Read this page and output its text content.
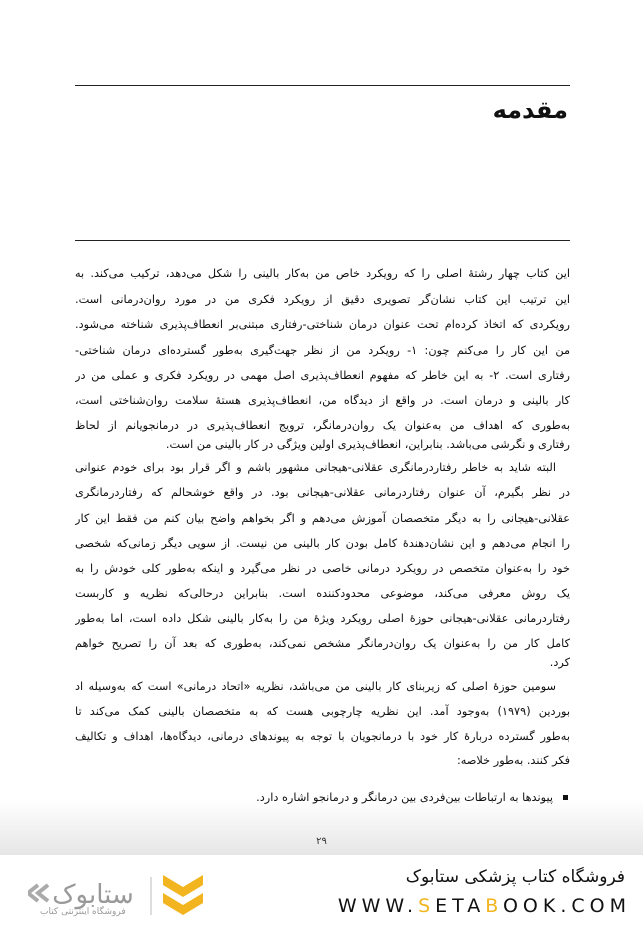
مقدمه
این کتاب چهار رشتهٔ اصلی را که رویکرد خاص من به‌کار بالینی را شکل می‌دهد، ترکیب می‌کند. به
این ترتیب این کتاب نشان‌گر تصویری دقیق از رویکرد فکری من در مورد روان‌درمانی است.
رویکردی که اتخاذ کرده‌ام تحت عنوان درمان شناختی-رفتاری مبتنی‌بر انعطاف‌پذیری شناخته می‌شود.
من این کار را می‌کنم چون: ۱- رویکرد من از نظر جهت‌گیری به‌طور گسترده‌ای درمان شناختی-
رفتاری است. ۲- به این خاطر که مفهوم انعطاف‌پذیری اصل مهمی در رویکرد فکری و عملی من در
کار بالینی و درمان است. در واقع از دیدگاه من، انعطاف‌پذیری هستهٔ سلامت روان‌شناختی است،
به‌طوری که اهداف من به‌عنوان یک روان‌درمانگر، ترویج انعطاف‌پذیری در درمانجویانم از لحاظ
رفتاری و نگرشی می‌باشد. بنابراین، انعطاف‌پذیری اولین ویژگی در کار بالینی من است.
البته شاید به خاطر رفتاردرمانگری عقلانی-هیجانی مشهور باشم و اگر قرار بود برای خودم عنوانی
در نظر بگیرم، آن عنوان رفتاردرمانی عقلانی-هیجانی بود. در واقع خوشحالم که رفتاردرمانگری
عقلانی-هیجانی را به دیگر متخصصان آموزش می‌دهم و اگر بخواهم واضح بیان کنم من فقط این کار
را انجام می‌دهم و این نشان‌دهندهٔ کامل بودن کار بالینی من نیست. از سویی دیگر زمانی‌که شخصی
خود را به‌عنوان متخصص در رویکرد درمانی خاصی در نظر می‌گیرد و اینکه به‌طور کلی خودش را به
یک روش معرفی می‌کند، موضوعی محدودکننده است. بنابراین درحالی‌که نظریه و کاربست
رفتاردرمانی عقلانی-هیجانی حوزهٔ اصلی رویکرد ویژهٔ من را به‌کار بالینی شکل داده است، اما به‌طور
کامل کار من را به‌عنوان یک روان‌درمانگر مشخص نمی‌کند، به‌طوری که بعد آن را تصریح خواهم
کرد.
سومین حوزهٔ اصلی که زیربنای کار بالینی من می‌باشد، نظریه «اتحاد درمانی» است که به‌وسیله اد
بوردین (۱۹۷۹) به‌وجود آمد. این نظریه چارچوبی هست که به متخصصان بالینی کمک می‌کند تا
به‌طور گسترده دربارهٔ کار خود با درمانجویان با توجه به پیوندهای درمانی، دیدگاه‌ها، اهداف و تکالیف
فکر کنند. به‌طور خلاصه:
پیوندها به ارتباطات بین‌فردی بین درمانگر و درمانجو اشاره دارد.
۲۹
فروشگاه کتاب پزشکی ستابوک
WWW.SETABOOK.COM
ستابوک
فروشگاه اینترنتی کتاب
